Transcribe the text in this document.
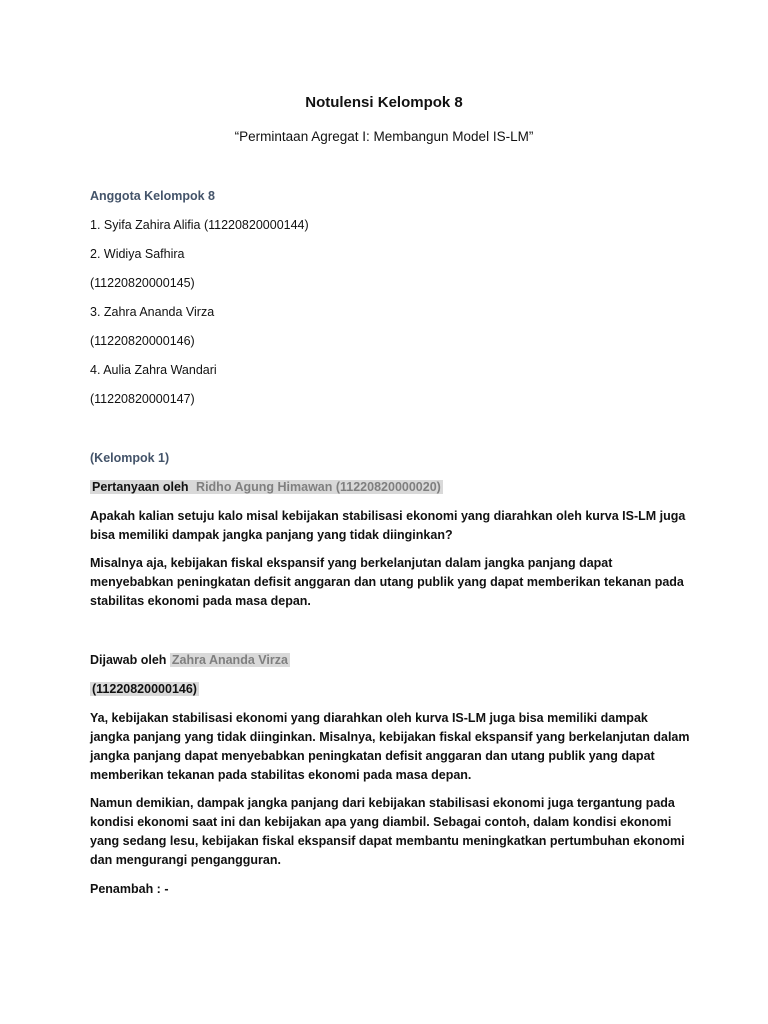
Notulensi Kelompok 8
“Permintaan Agregat I: Membangun Model IS-LM”
Anggota Kelompok 8
1. Syifa Zahira Alifia (11220820000144)
2. Widiya Safhira
(11220820000145)
3. Zahra Ananda Virza
(11220820000146)
4. Aulia Zahra Wandari
(11220820000147)
(Kelompok 1)
Pertanyaan oleh Ridho Agung Himawan (11220820000020)
Apakah kalian setuju kalo misal kebijakan stabilisasi ekonomi yang diarahkan oleh kurva IS-LM juga bisa memiliki dampak jangka panjang yang tidak diinginkan?
Misalnya aja, kebijakan fiskal ekspansif yang berkelanjutan dalam jangka panjang dapat menyebabkan peningkatan defisit anggaran dan utang publik yang dapat memberikan tekanan pada stabilitas ekonomi pada masa depan.
Dijawab oleh Zahra Ananda Virza
(11220820000146)
Ya, kebijakan stabilisasi ekonomi yang diarahkan oleh kurva IS-LM juga bisa memiliki dampak jangka panjang yang tidak diinginkan. Misalnya, kebijakan fiskal ekspansif yang berkelanjutan dalam jangka panjang dapat menyebabkan peningkatan defisit anggaran dan utang publik yang dapat memberikan tekanan pada stabilitas ekonomi pada masa depan.
Namun demikian, dampak jangka panjang dari kebijakan stabilisasi ekonomi juga tergantung pada kondisi ekonomi saat ini dan kebijakan apa yang diambil. Sebagai contoh, dalam kondisi ekonomi yang sedang lesu, kebijakan fiskal ekspansif dapat membantu meningkatkan pertumbuhan ekonomi dan mengurangi pengangguran.
Penambah : -
